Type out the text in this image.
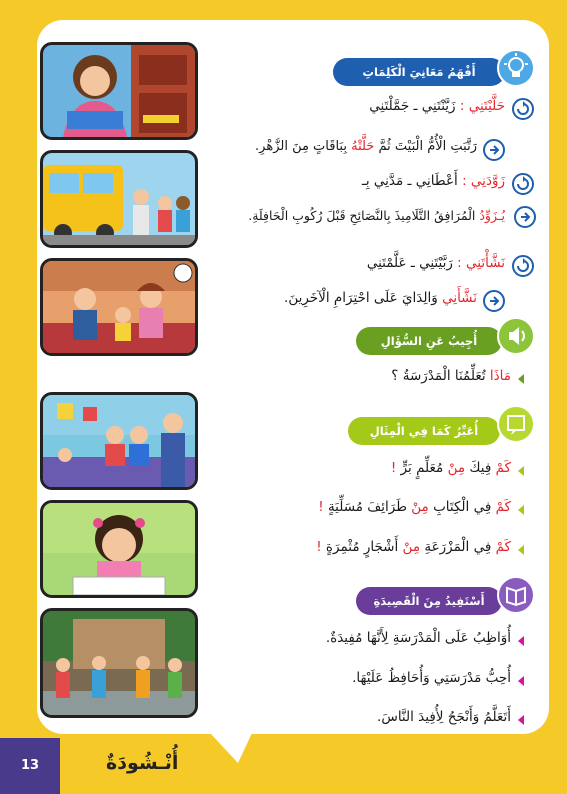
أَفْهَمُ مَعَانِيَ الْكَلِمَاتِ
حَلَّيْتَنِي : زَيَّنْتَنِي ـ جَمَّلْتَنِي
رَتَّبَتِ الْأُمُّ الْبَيْتَ ثُمَّ حَلَّتْهُ بِبَاقَاتٍ مِنَ الزَّهْرِ.
زَوَّدَنِي : أَعْطَانِي ـ مَدَّنِي بِـ
يُـزَوِّدُ الْمُرَافِقُ التَّلَامِيذَ بِالنَّصَائِحِ قَبْلَ رُكُوبِ الْحَافِلَةِ.
نَشَّأْتَنِي : رَبَّيْتَنِي ـ عَلَّمْتَنِي
نَشَّأَنِي وَالِدَايَ عَلَى احْتِرَامِ الْآخَرِينَ.
أُجِيبُ عَنِ السُّؤَالِ
مَاذَا تُعَلِّمُنَا الْمَدْرَسَةُ ؟
أُعَبِّرُ كَمَا فِي الْمِثَالِ
كَمْ فِيكَ مِنْ مُعَلِّمٍ بَرٍّ !
كَمْ فِي الْكِتَابِ مِنْ طَرَائِفَ مُسَلِّيَةٍ !
كَمْ فِي الْمَزْرَعَةِ مِنْ أَشْجَارٍ مُثْمِرَةٍ !
أَسْتَفِيدُ مِنَ الْقَصِيدَةِ
أُوَاظِبُ عَلَى الْمَدْرَسَةِ لِأَنَّهَا مُفِيدَةٌ.
أُحِبُّ مَدْرَسَتِي وَأُحَافِظُ عَلَيْهَا.
أَتَعَلَّمُ وَأَنْجَحُ لِأُفِيدَ النَّاسَ.
13	أُنْـشُودَةٌ
